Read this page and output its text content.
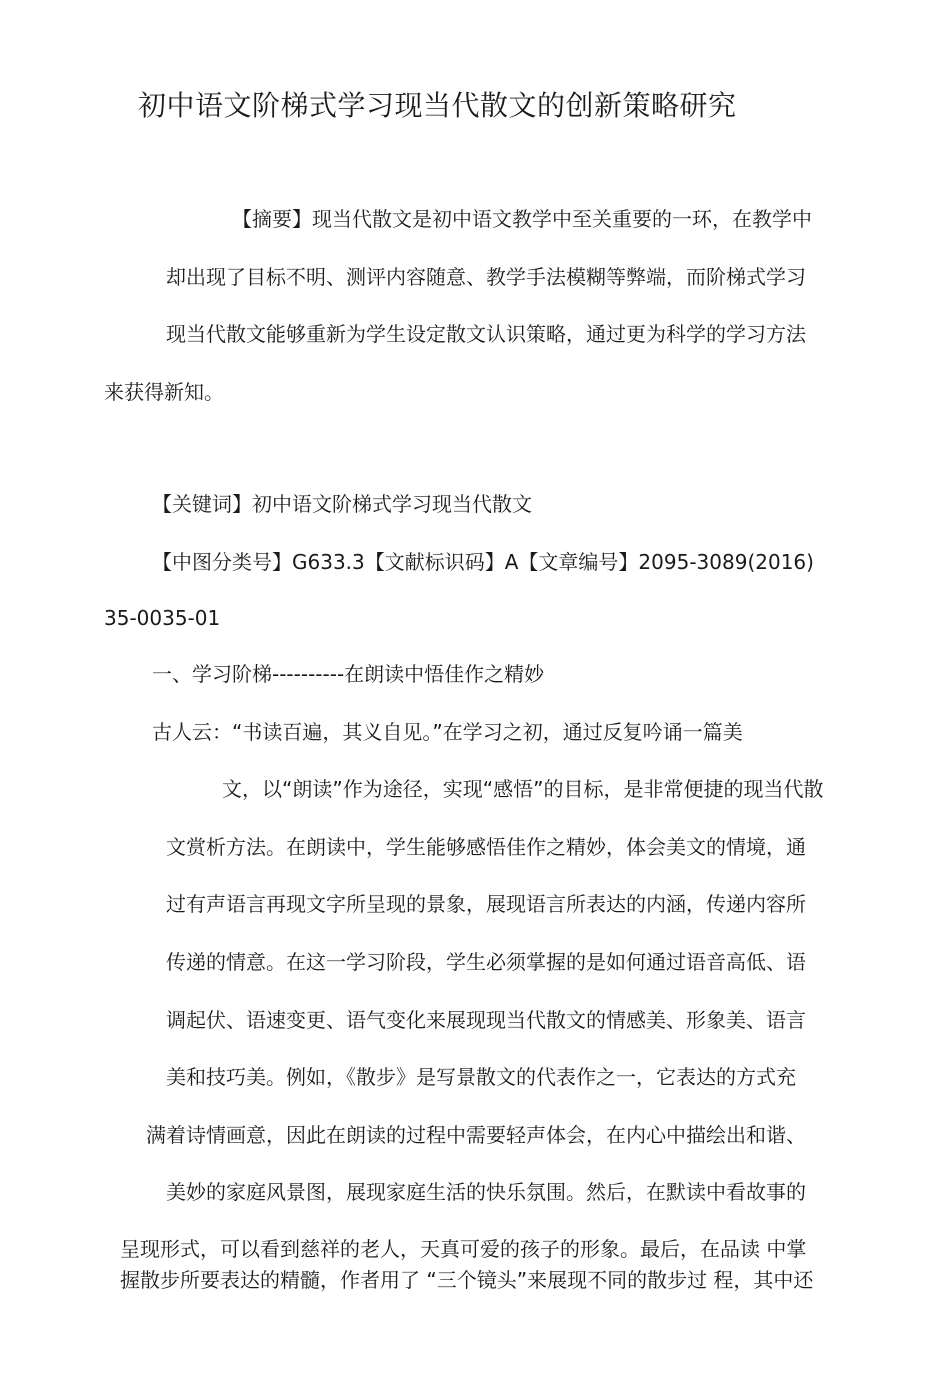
初中语文阶梯式学习现当代散文的创新策略研究
【摘要】现当代散文是初中语文教学中至关重要的一环，在教学中
却出现了目标不明、测评内容随意、教学手法模糊等弊端，而阶梯式学习
现当代散文能够重新为学生设定散文认识策略，通过更为科学的学习方法
来获得新知。
【关键词】初中语文阶梯式学习现当代散文
【中图分类号】G633.3【文献标识码】A【文章编号】2095-3089(2016)
35-0035-01
一、学习阶梯----------在朗读中悟佳作之精妙
古人云：“书读百遍，其义自见。”在学习之初，通过反复吟诵一篇美
文，以“朗读”作为途径，实现“感悟”的目标，是非常便捷的现当代散
文赏析方法。在朗读中，学生能够感悟佳作之精妙，体会美文的情境，通
过有声语言再现文字所呈现的景象，展现语言所表达的内涵，传递内容所
传递的情意。在这一学习阶段，学生必须掌握的是如何通过语音高低、语
调起伏、语速变更、语气变化来展现现当代散文的情感美、形象美、语言
美和技巧美。例如，《散步》是写景散文的代表作之一，它表达的方式充
满着诗情画意，因此在朗读的过程中需要轻声体会，在内心中描绘出和谐、
美妙的家庭风景图，展现家庭生活的快乐氛围。然后，在默读中看故事的
呈现形式，可以看到慈祥的老人，天真可爱的孩子的形象。最后，在品读 中掌
握散步所要表达的精髓，作者用了 “三个镜头”来展现不同的散步过 程，其中还
